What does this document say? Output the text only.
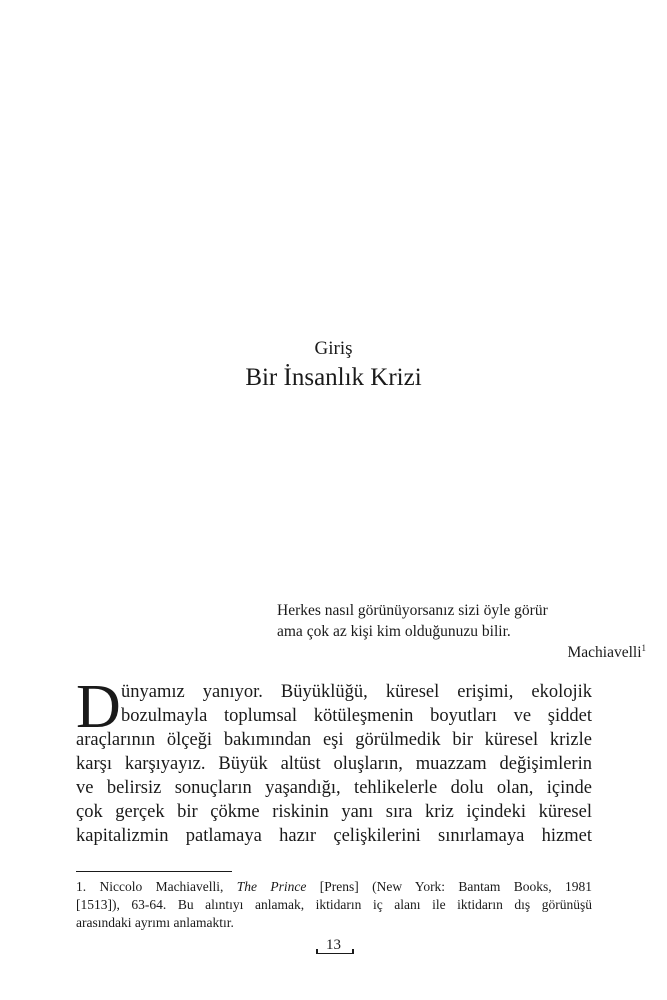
Giriş
Bir İnsanlık Krizi
Herkes nasıl görünüyorsanız sizi öyle görür
ama çok az kişi kim olduğunuzu bilir.
Machiavelli$^1$
D ünyamız yanıyor. Büyüklüğü, küresel erişimi, ekolojik
bozulmayla toplumsal kötüleşmenin boyutları ve şiddet
araçlarının ölçeği bakımından eşi görülmedik bir küresel krizle
karşı karşıyayız. Büyük altüst oluşların, muazzam değişimlerin
ve belirsiz sonuçların yaşandığı, tehlikelerle dolu olan, içinde
çok gerçek bir çökme riskinin yanı sıra kriz içindeki küresel
kapitalizmin patlamaya hazır çelişkilerini sınırlamaya hizmet
1. Niccolo Machiavelli, The Prince [Prens] (New York: Bantam Books, 1981
[1513]), 63-64. Bu alıntıyı anlamak, iktidarın iç alanı ile iktidarın dış görünüşü
arasındaki ayrımı anlamaktır.
13
